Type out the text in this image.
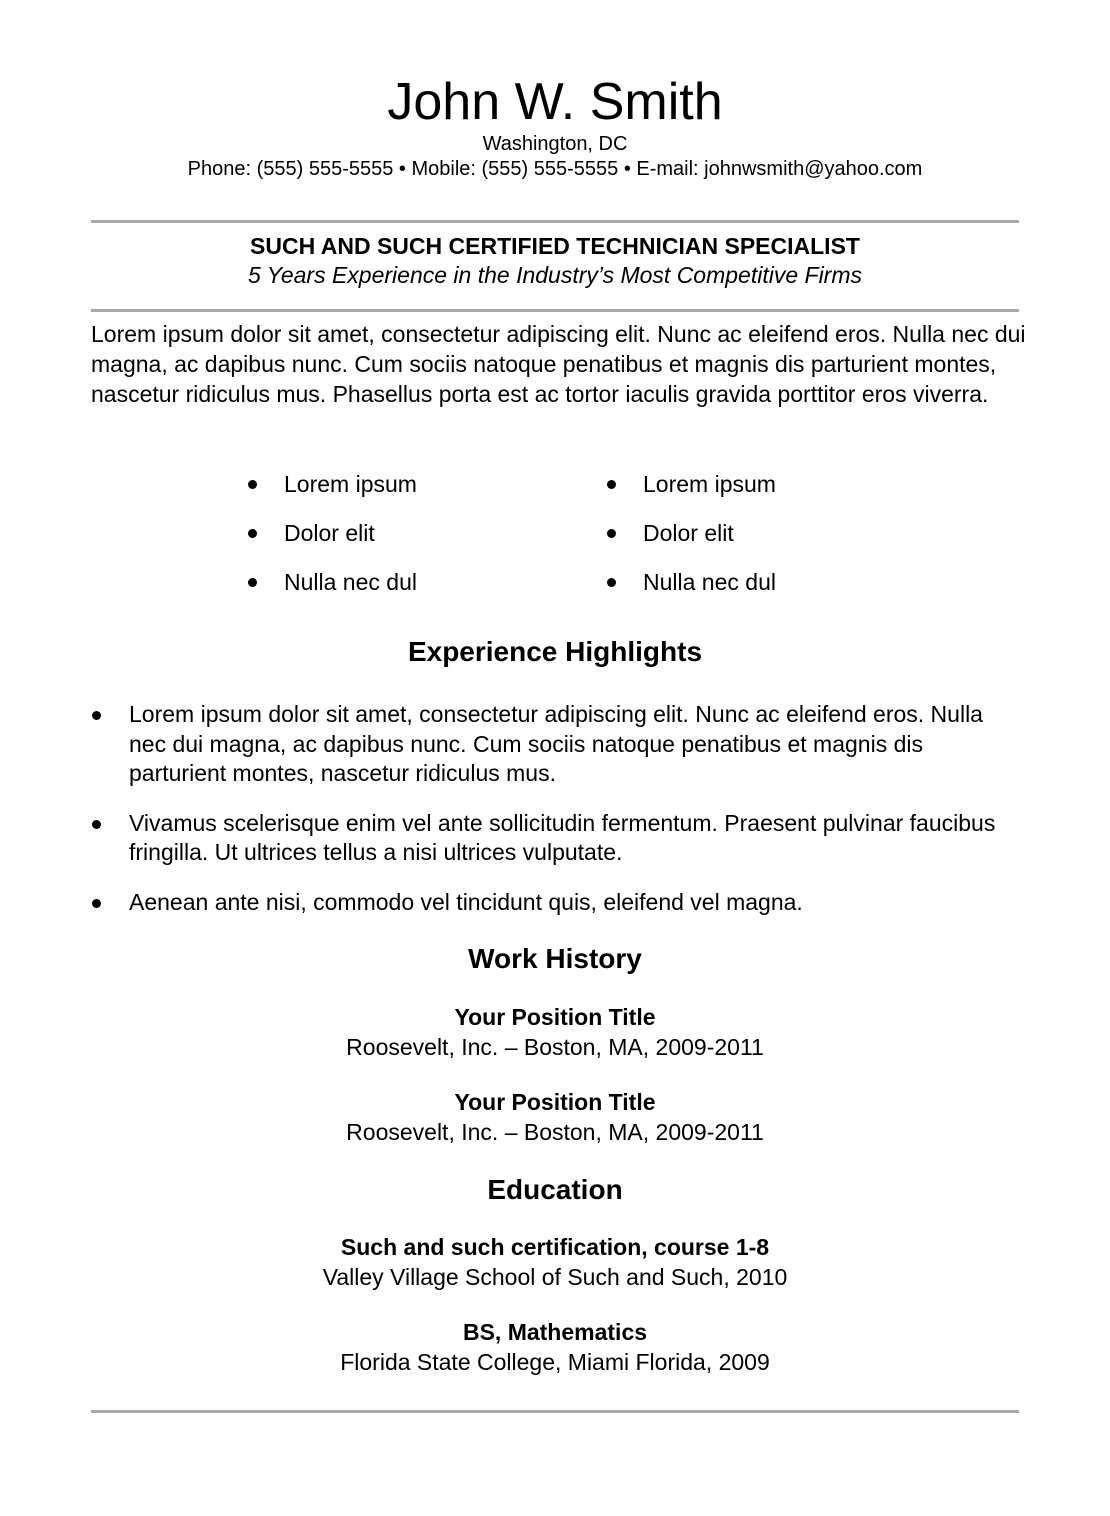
John W. Smith
Washington, DC
Phone: (555) 555-5555 • Mobile: (555) 555-5555 • E-mail: johnwsmith@yahoo.com
SUCH AND SUCH CERTIFIED TECHNICIAN SPECIALIST
5 Years Experience in the Industry’s Most Competitive Firms

Lorem ipsum dolor sit amet, consectetur adipiscing elit. Nunc ac eleifend eros. Nulla nec dui magna, ac dapibus nunc. Cum sociis natoque penatibus et magnis dis parturient montes, nascetur ridiculus mus. Phasellus porta est ac tortor iaculis gravida porttitor eros viverra.

Lorem ipsum
Dolor elit
Nulla nec dul
Lorem ipsum
Dolor elit
Nulla nec dul
Experience Highlights
Lorem ipsum dolor sit amet, consectetur adipiscing elit. Nunc ac eleifend eros. Nulla nec dui magna, ac dapibus nunc. Cum sociis natoque penatibus et magnis dis parturient montes, nascetur ridiculus mus.
Vivamus scelerisque enim vel ante sollicitudin fermentum. Praesent pulvinar faucibus fringilla. Ut ultrices tellus a nisi ultrices vulputate.
Aenean ante nisi, commodo vel tincidunt quis, eleifend vel magna.
Work History
Your Position Title
Roosevelt, Inc. – Boston, MA, 2009-2011
Your Position Title
Roosevelt, Inc. – Boston, MA, 2009-2011
Education
Such and such certification, course 1-8
Valley Village School of Such and Such, 2010
BS, Mathematics
Florida State College, Miami Florida, 2009
